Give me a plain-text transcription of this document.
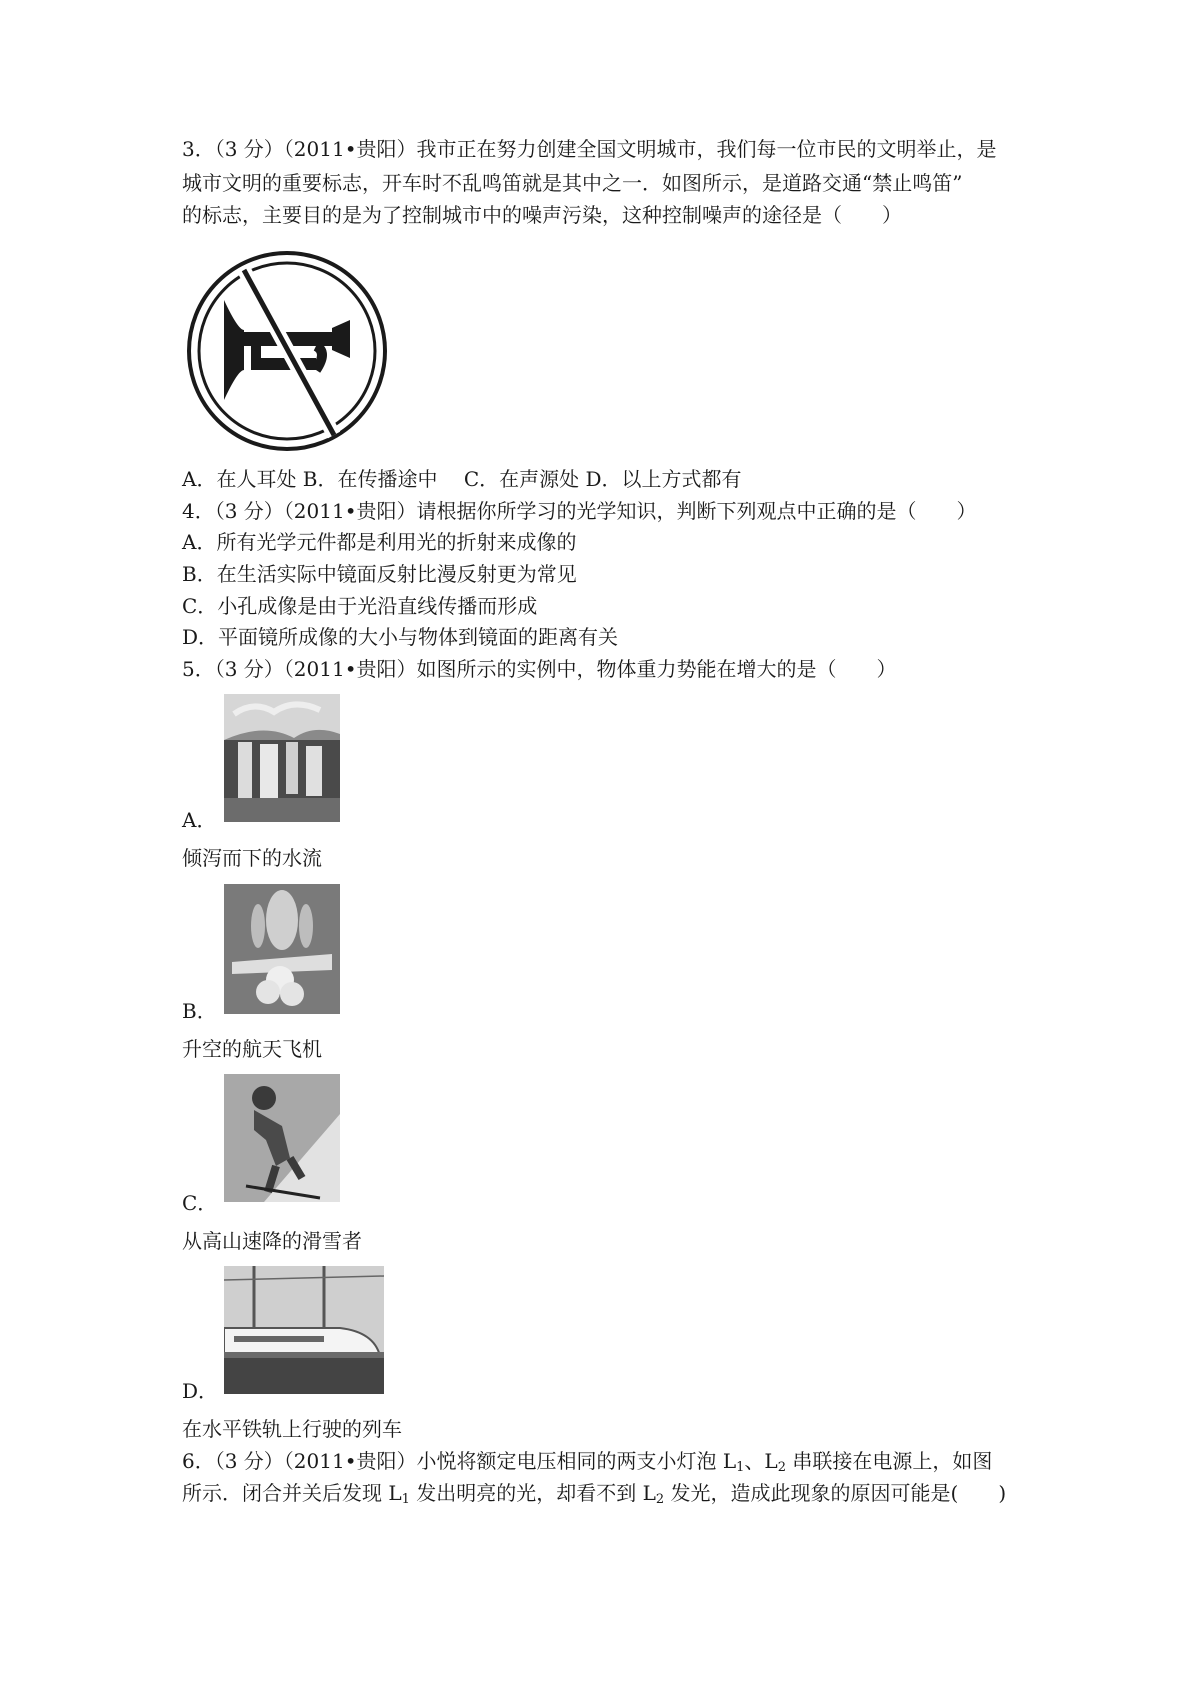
3．（3 分）（2011•贵阳）我市正在努力创建全国文明城市，我们每一位市民的文明举止，是
城市文明的重要标志，开车时不乱鸣笛就是其中之一．如图所示，是道路交通“禁止鸣笛”
的标志，主要目的是为了控制城市中的噪声污染，这种控制噪声的途径是（　　）
A．在人耳处 B．在传播途中　 C．在声源处 D．以上方式都有
4．（3 分）（2011•贵阳）请根据你所学习的光学知识，判断下列观点中正确的是（　　）
A．所有光学元件都是利用光的折射来成像的
B．在生活实际中镜面反射比漫反射更为常见
C．小孔成像是由于光沿直线传播而形成
D．平面镜所成像的大小与物体到镜面的距离有关
5．（3 分）（2011•贵阳）如图所示的实例中，物体重力势能在增大的是（　　）
A．
倾泻而下的水流
B．
升空的航天飞机
C．
从高山速降的滑雪者
D．
在水平铁轨上行驶的列车
6．（3 分）（2011•贵阳）小悦将额定电压相同的两支小灯泡 $L_1$、$L_2$ 串联接在电源上，如图
所示．闭合并关后发现 $L_1$ 发出明亮的光，却看不到 $L_2$ 发光，造成此现象的原因可能是(　　)
